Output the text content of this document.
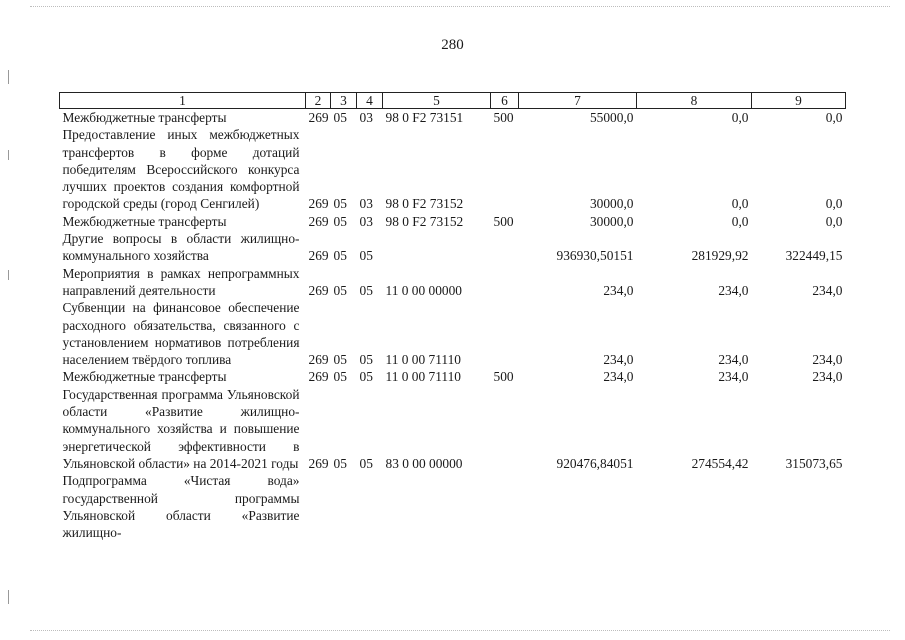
280
1	2	3	4	5	6	7	8	9
Межбюджетные трансферты	269	05	03	98 0 F2 73151	500	55000,0	0,0	0,0
Предоставление иных межбюджетных трансфертов в форме дотаций победителям Всероссийского конкурса лучших проектов создания комфортной городской среды (город Сенгилей)	269	05	03	98 0 F2 73152		30000,0	0,0	0,0
Межбюджетные трансферты	269	05	03	98 0 F2 73152	500	30000,0	0,0	0,0
Другие вопросы в области жилищно-коммунального хозяйства	269	05	05			936930,50151	281929,92	322449,15
Мероприятия в рамках непрограммных направлений деятельности	269	05	05	11 0 00 00000		234,0	234,0	234,0
Субвенции на финансовое обеспечение расходного обязательства, связанного с установлением нормативов потребления населением твёрдого топлива	269	05	05	11 0 00 71110		234,0	234,0	234,0
Межбюджетные трансферты	269	05	05	11 0 00 71110	500	234,0	234,0	234,0
Государственная программа Ульяновской области «Развитие жилищно-коммунального хозяйства и повышение энергетической эффективности в Ульяновской области» на 2014-2021 годы	269	05	05	83 0 00 00000		920476,84051	274554,42	315073,65
Подпрограмма «Чистая вода» государственной программы Ульяновской области «Развитие жилищно-								
